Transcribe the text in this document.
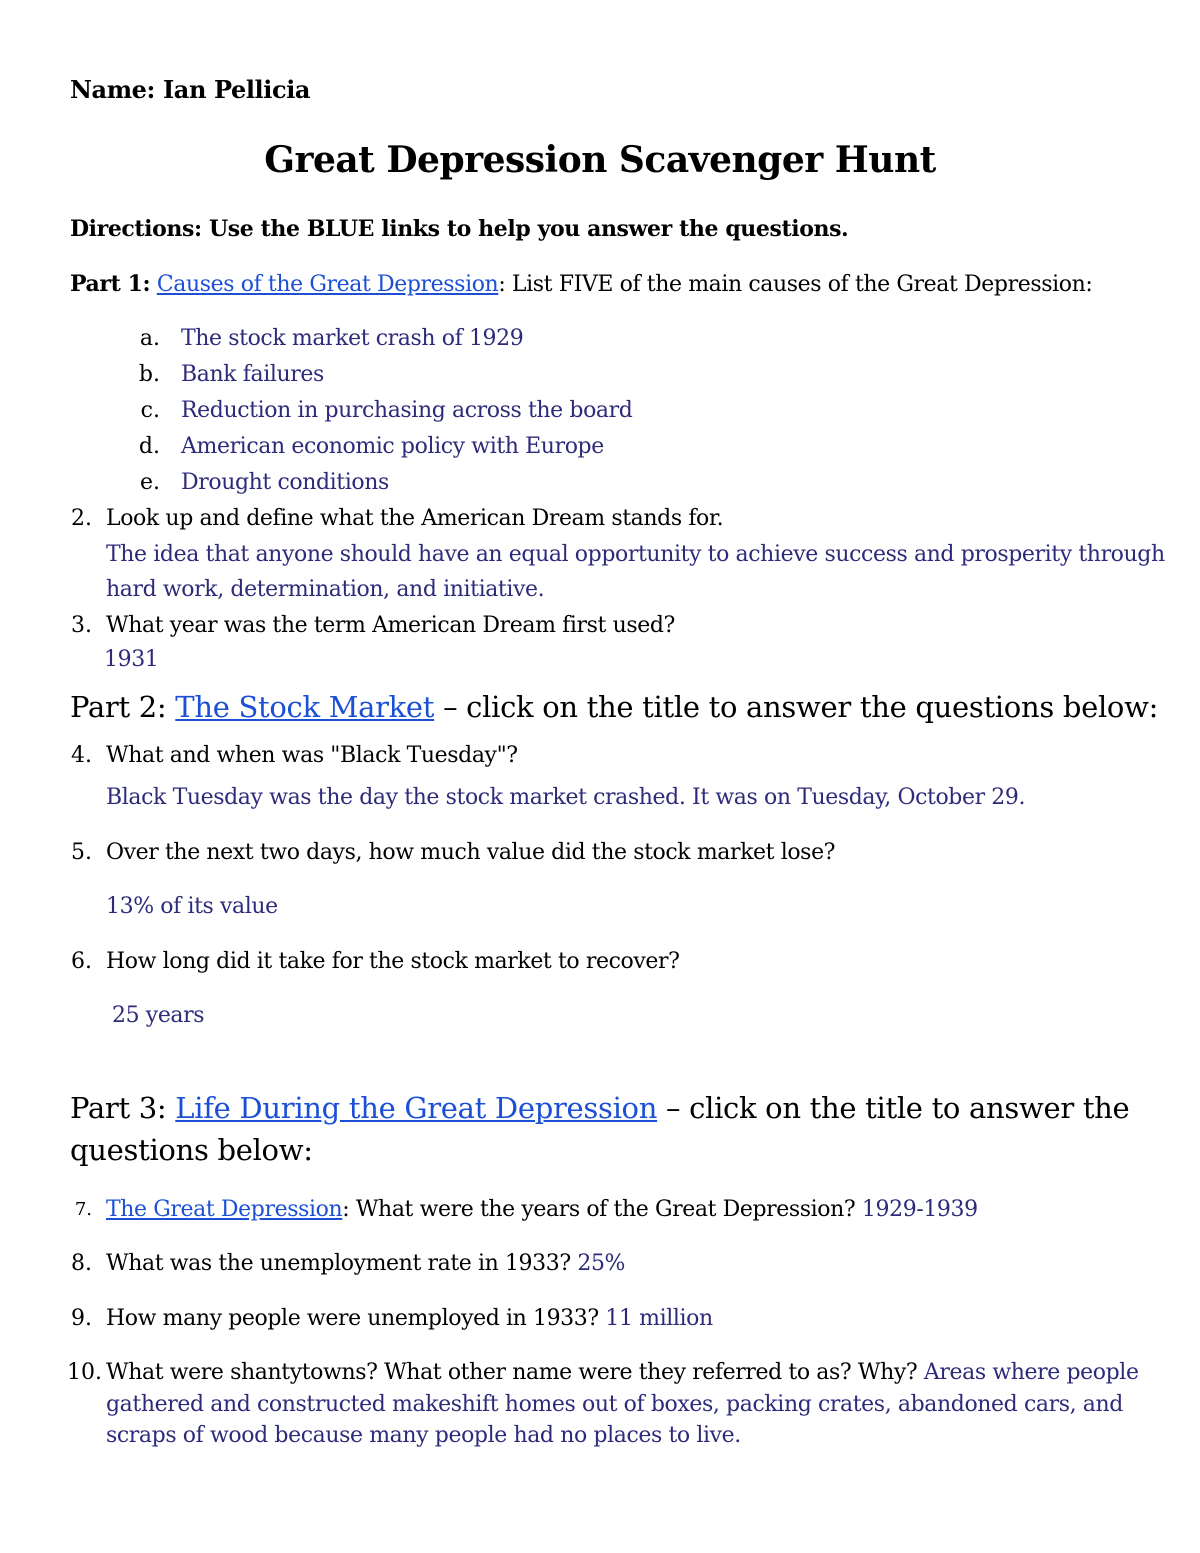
Name: Ian Pellicia
Great Depression Scavenger Hunt
Directions: Use the BLUE links to help you answer the questions.
Part 1: Causes of the Great Depression: List FIVE of the main causes of the Great Depression:
a. The stock market crash of 1929
b. Bank failures
c. Reduction in purchasing across the board
d. American economic policy with Europe
e. Drought conditions
2. Look up and define what the American Dream stands for.
The idea that anyone should have an equal opportunity to achieve success and prosperity through
hard work, determination, and initiative.
3. What year was the term American Dream first used?
1931
Part 2: The Stock Market – click on the title to answer the questions below:
4. What and when was "Black Tuesday"?
Black Tuesday was the day the stock market crashed. It was on Tuesday, October 29.
5. Over the next two days, how much value did the stock market lose?
13% of its value
6. How long did it take for the stock market to recover?
25 years
Part 3: Life During the Great Depression – click on the title to answer the
questions below:
7. The Great Depression: What were the years of the Great Depression? 1929-1939
8. What was the unemployment rate in 1933? 25%
9. How many people were unemployed in 1933? 11 million
10. What were shantytowns? What other name were they referred to as? Why? Areas where people
gathered and constructed makeshift homes out of boxes, packing crates, abandoned cars, and
scraps of wood because many people had no places to live.
